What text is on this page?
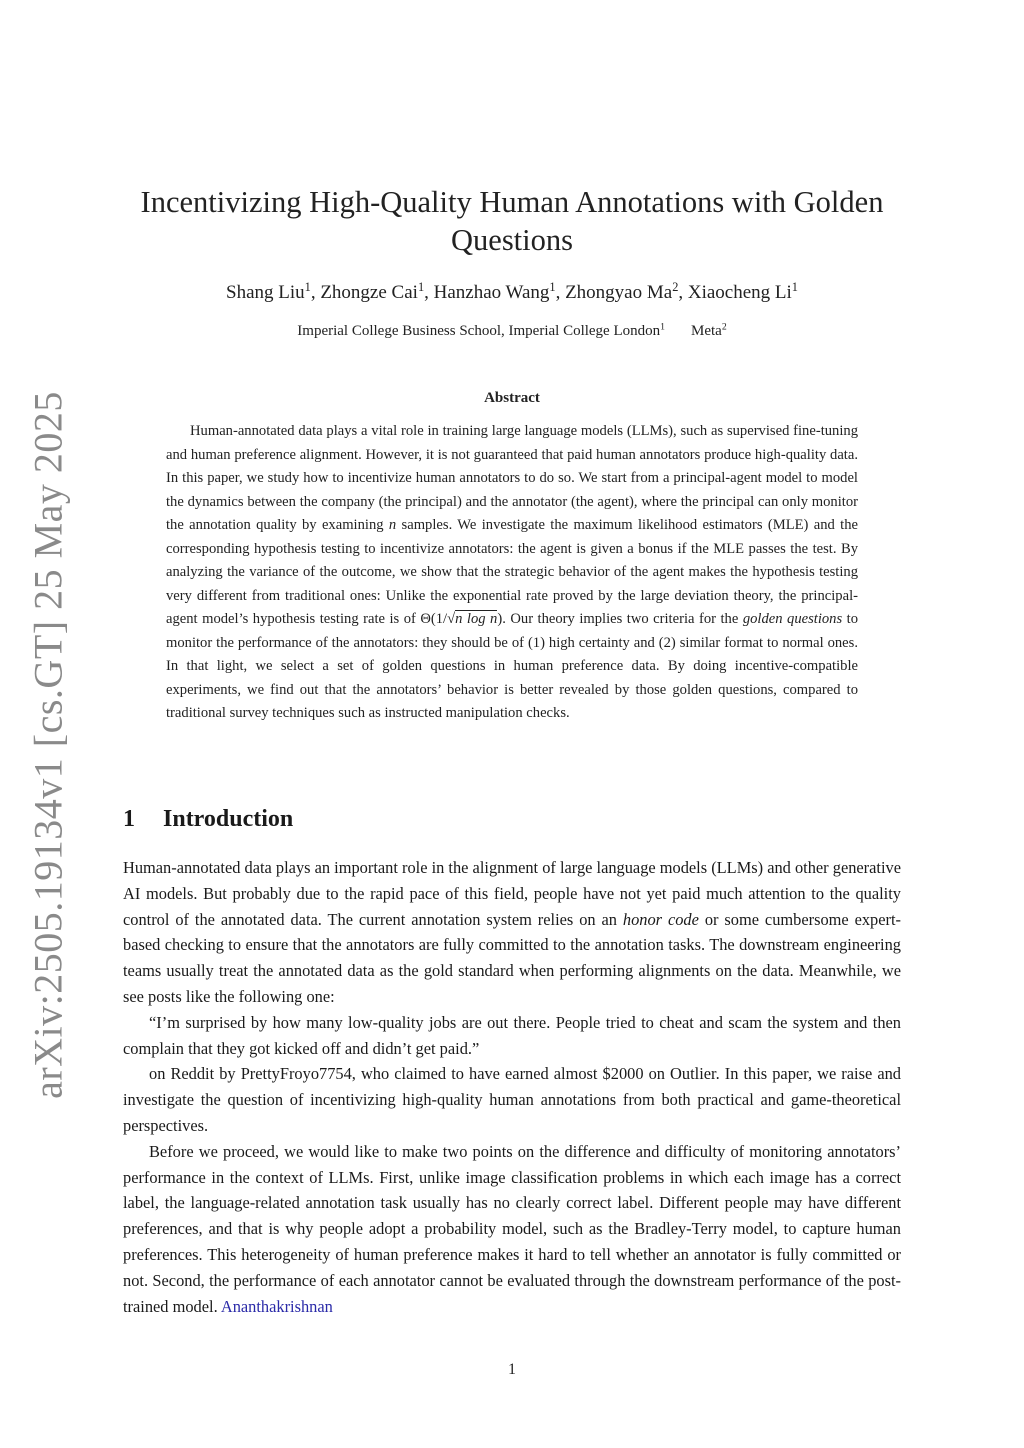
arXiv:2505.19134v1 [cs.GT] 25 May 2025
Incentivizing High-Quality Human Annotations with Golden Questions
Shang Liu$^1$, Zhongze Cai$^1$, Hanzhao Wang$^1$, Zhongyao Ma$^2$, Xiaocheng Li$^1$
Imperial College Business School, Imperial College London$^1$ Meta$^2$
Abstract

Human-annotated data plays a vital role in training large language models (LLMs), such as supervised fine-tuning and human preference alignment. However, it is not guaranteed that paid human annotators produce high-quality data. In this paper, we study how to incentivize human annotators to do so. We start from a principal-agent model to model the dynamics between the company (the principal) and the annotator (the agent), where the principal can only monitor the annotation quality by examining n samples. We investigate the maximum likelihood estimators (MLE) and the corresponding hypothesis testing to incentivize annotators: the agent is given a bonus if the MLE passes the test. By analyzing the variance of the outcome, we show that the strategic behavior of the agent makes the hypothesis testing very different from traditional ones: Unlike the exponential rate proved by the large deviation theory, the principal-agent model’s hypothesis testing rate is of Θ(1/√n log n). Our theory implies two criteria for the golden questions to monitor the performance of the annotators: they should be of (1) high certainty and (2) similar format to normal ones. In that light, we select a set of golden questions in human preference data. By doing incentive-compatible experiments, we find out that the annotators’ behavior is better revealed by those golden questions, compared to traditional survey techniques such as instructed manipulation checks.

1 Introduction

Human-annotated data plays an important role in the alignment of large language models (LLMs) and other generative AI models. But probably due to the rapid pace of this field, people have not yet paid much attention to the quality control of the annotated data. The current annotation system relies on an honor code or some cumbersome expert-based checking to ensure that the annotators are fully committed to the annotation tasks. The downstream engineering teams usually treat the annotated data as the gold standard when performing alignments on the data. Meanwhile, we see posts like the following one:

“I’m surprised by how many low-quality jobs are out there. People tried to cheat and scam the system and then complain that they got kicked off and didn’t get paid.”

on Reddit by PrettyFroyo7754, who claimed to have earned almost $2000 on Outlier. In this paper, we raise and investigate the question of incentivizing high-quality human annotations from both practical and game-theoretical perspectives.

Before we proceed, we would like to make two points on the difference and difficulty of monitoring annotators’ performance in the context of LLMs. First, unlike image classification problems in which each image has a correct label, the language-related annotation task usually has no clearly correct label. Different people may have different preferences, and that is why people adopt a probability model, such as the Bradley-Terry model, to capture human preferences. This heterogeneity of human preference makes it hard to tell whether an annotator is fully committed or not. Second, the performance of each annotator cannot be evaluated through the downstream performance of the post-trained model. Ananthakrishnan

1
